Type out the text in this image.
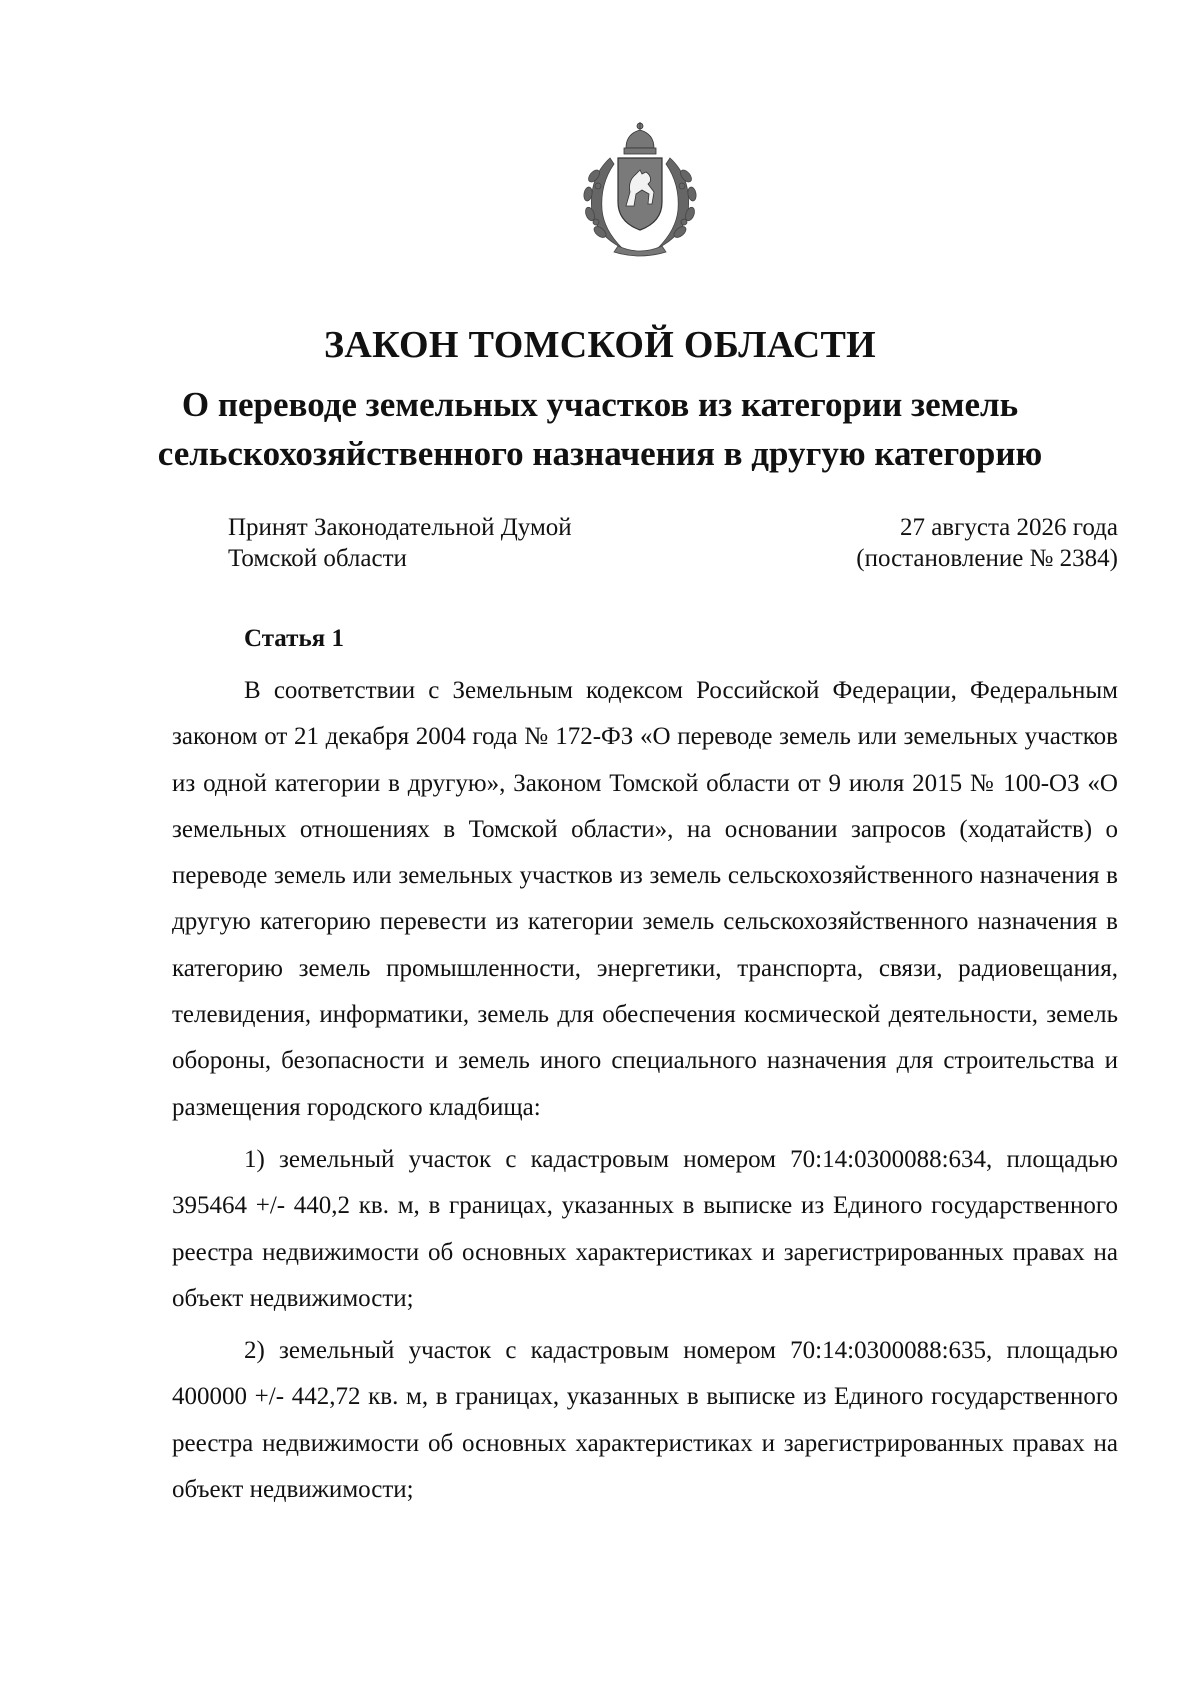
ЗАКОН ТОМСКОЙ ОБЛАСТИ
О переводе земельных участков из категории земель
сельскохозяйственного назначения в другую категорию
Принят Законодательной Думой
Томской области
27 августа 2026 года
(постановление № 2384)
Статья 1

В соответствии с Земельным кодексом Российской Федерации, Федеральным законом от 21 декабря 2004 года № 172-ФЗ «О переводе земель или земельных участков из одной категории в другую», Законом Томской области от 9 июля 2015 № 100-ОЗ «О земельных отношениях в Томской области», на основании запросов (ходатайств) о переводе земель или земельных участков из земель сельскохозяйственного назначения в другую категорию перевести из категории земель сельскохозяйственного назначения в категорию земель промышленности, энергетики, транспорта, связи, радиовещания, телевидения, информатики, земель для обеспечения космической деятельности, земель обороны, безопасности и земель иного специального назначения для строительства и размещения городского кладбища:

1) земельный участок с кадастровым номером 70:14:0300088:634, площадью 395464 +/- 440,2 кв. м, в границах, указанных в выписке из Единого государственного реестра недвижимости об основных характеристиках и зарегистрированных правах на объект недвижимости;

2) земельный участок с кадастровым номером 70:14:0300088:635, площадью 400000 +/- 442,72 кв. м, в границах, указанных в выписке из Единого государственного реестра недвижимости об основных характеристиках и зарегистрированных правах на объект недвижимости;
